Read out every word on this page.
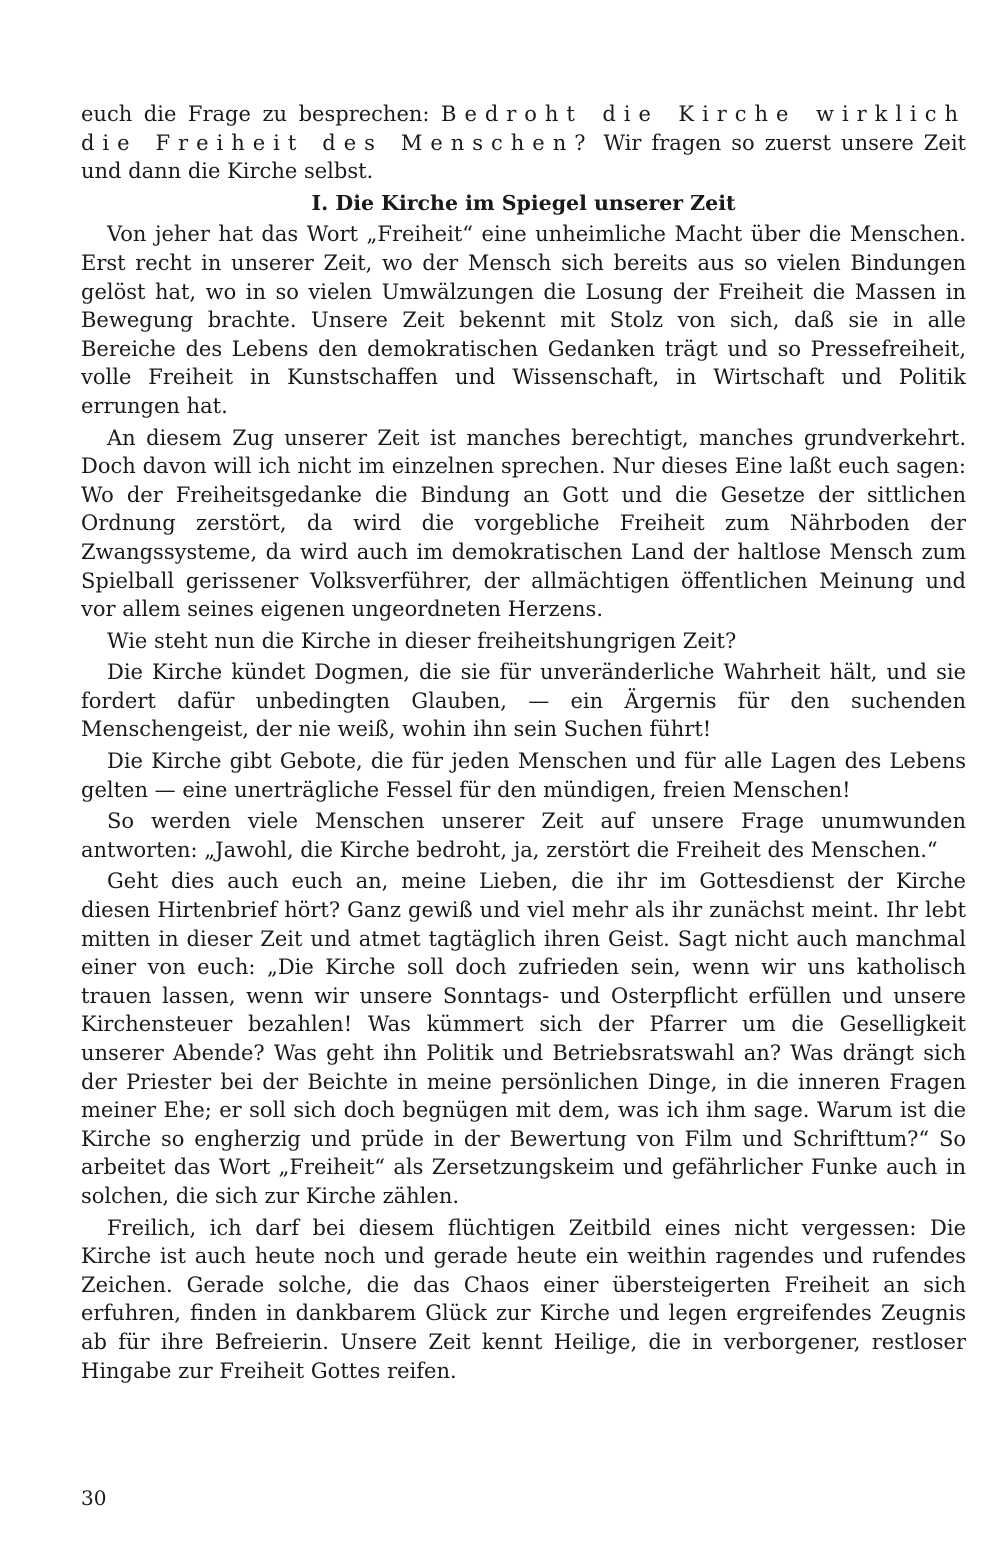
euch die Frage zu besprechen: Bedroht die Kirche wirklich die Freiheit des Menschen? Wir fragen so zuerst unsere Zeit und dann die Kirche selbst.

I. Die Kirche im Spiegel unserer Zeit

Von jeher hat das Wort „Freiheit“ eine unheimliche Macht über die Menschen. Erst recht in unserer Zeit, wo der Mensch sich bereits aus so vielen Bindungen gelöst hat, wo in so vielen Umwälzungen die Losung der Freiheit die Massen in Bewegung brachte. Unsere Zeit bekennt mit Stolz von sich, daß sie in alle Bereiche des Lebens den demokratischen Gedanken trägt und so Pressefreiheit, volle Freiheit in Kunstschaffen und Wissenschaft, in Wirtschaft und Politik errungen hat.

An diesem Zug unserer Zeit ist manches berechtigt, manches grundverkehrt. Doch davon will ich nicht im einzelnen sprechen. Nur dieses Eine laßt euch sagen: Wo der Freiheitsgedanke die Bindung an Gott und die Gesetze der sittlichen Ordnung zerstört, da wird die vorgebliche Freiheit zum Nährboden der Zwangssysteme, da wird auch im demokratischen Land der haltlose Mensch zum Spielball gerissener Volksverführer, der allmächtigen öffentlichen Meinung und vor allem seines eigenen ungeordneten Herzens.

Wie steht nun die Kirche in dieser freiheitshungrigen Zeit?

Die Kirche kündet Dogmen, die sie für unveränderliche Wahrheit hält, und sie fordert dafür unbedingten Glauben, — ein Ärgernis für den suchenden Menschengeist, der nie weiß, wohin ihn sein Suchen führt!

Die Kirche gibt Gebote, die für jeden Menschen und für alle Lagen des Lebens gelten — eine unerträgliche Fessel für den mündigen, freien Menschen!

So werden viele Menschen unserer Zeit auf unsere Frage unumwunden antworten: „Jawohl, die Kirche bedroht, ja, zerstört die Freiheit des Menschen.“

Geht dies auch euch an, meine Lieben, die ihr im Gottesdienst der Kirche diesen Hirtenbrief hört? Ganz gewiß und viel mehr als ihr zunächst meint. Ihr lebt mitten in dieser Zeit und atmet tagtäglich ihren Geist. Sagt nicht auch manchmal einer von euch: „Die Kirche soll doch zufrieden sein, wenn wir uns katholisch trauen lassen, wenn wir unsere Sonntags- und Osterpflicht erfüllen und unsere Kirchensteuer bezahlen! Was kümmert sich der Pfarrer um die Geselligkeit unserer Abende? Was geht ihn Politik und Betriebsratswahl an? Was drängt sich der Priester bei der Beichte in meine persönlichen Dinge, in die inneren Fragen meiner Ehe; er soll sich doch begnügen mit dem, was ich ihm sage. Warum ist die Kirche so engherzig und prüde in der Bewertung von Film und Schrifttum?“ So arbeitet das Wort „Freiheit“ als Zersetzungskeim und gefährlicher Funke auch in solchen, die sich zur Kirche zählen.

Freilich, ich darf bei diesem flüchtigen Zeitbild eines nicht vergessen: Die Kirche ist auch heute noch und gerade heute ein weithin ragendes und rufendes Zeichen. Gerade solche, die das Chaos einer übersteigerten Freiheit an sich erfuhren, finden in dankbarem Glück zur Kirche und legen ergreifendes Zeugnis ab für ihre Befreierin. Unsere Zeit kennt Heilige, die in verborgener, restloser Hingabe zur Freiheit Gottes reifen.

30
